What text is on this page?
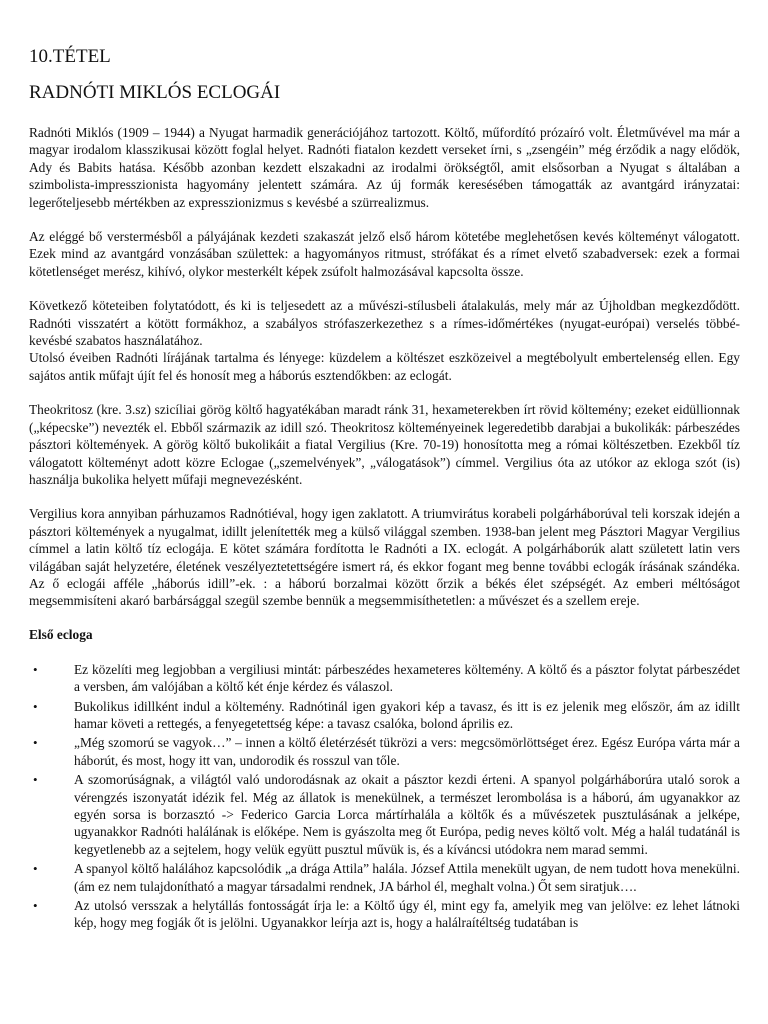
10.TÉTEL
RADNÓTI MIKLÓS ECLOGÁI

Radnóti Miklós (1909 – 1944) a Nyugat harmadik generációjához tartozott. Költő, műfordító prózaíró volt. Életművével ma már a magyar irodalom klasszikusai között foglal helyet. Radnóti fiatalon kezdett verseket írni, s „zsengéin” még érződik a nagy elődök, Ady és Babits hatása. Később azonban kezdett elszakadni az irodalmi örökségtől, amit elsősorban a Nyugat s általában a szimbolista-impresszionista hagyomány jelentett számára. Az új formák keresésében támogatták az avantgárd irányzatai: legerőteljesebb mértékben az expresszionizmus s kevésbé a szürrealizmus.

Az eléggé bő verstermésből a pályájának kezdeti szakaszát jelző első három kötetébe meglehetősen kevés költeményt válogatott. Ezek mind az avantgárd vonzásában születtek: a hagyományos ritmust, strófákat és a rímet elvető szabadversek: ezek a formai kötetlenséget merész, kihívó, olykor mesterkélt képek zsúfolt halmozásával kapcsolta össze.

Következő köteteiben folytatódott, és ki is teljesedett az a művészi-stílusbeli átalakulás, mely már az Újholdban megkezdődött. Radnóti visszatért a kötött formákhoz, a szabályos strófaszerkezethez s a rímes-időmértékes (nyugat-európai) verselés többé-kevésbé szabatos használatához.

Utolsó éveiben Radnóti lírájának tartalma és lényege: küzdelem a költészet eszközeivel a megtébolyult embertelenség ellen. Egy sajátos antik műfajt újít fel és honosít meg a háborús esztendőkben: az eclogát.

Theokritosz (kre. 3.sz) szicíliai görög költő hagyatékában maradt ránk 31, hexameterekben írt rövid költemény; ezeket eidüllionnak („képecske”) nevezték el. Ebből származik az idill szó. Theokritosz költeményeinek legeredetibb darabjai a bukolikák: párbeszédes pásztori költemények. A görög költő bukolikáit a fiatal Vergilius (Kre. 70-19) honosította meg a római költészetben. Ezekből tíz válogatott költeményt adott közre Eclogae („szemelvények”, „válogatások”) címmel. Vergilius óta az utókor az ekloga szót (is) használja bukolika helyett műfaji megnevezésként.

Vergilius kora annyiban párhuzamos Radnótiéval, hogy igen zaklatott. A triumvirátus korabeli polgárháborúval teli korszak idején a pásztori költemények a nyugalmat, idillt jelenítették meg a külső világgal szemben. 1938-ban jelent meg Pásztori Magyar Vergilius címmel a latin költő tíz eclogája. E kötet számára fordította le Radnóti a IX. eclogát. A polgárháborúk alatt született latin vers világában saját helyzetére, életének veszélyeztetettségére ismert rá, és ekkor fogant meg benne további eclogák írásának szándéka. Az ő eclogái afféle „háborús idill”-ek. : a háború borzalmai között őrzik a békés élet szépségét. Az emberi méltóságot megsemmisíteni akaró barbársággal szegül szembe bennük a megsemmisíthetetlen: a művészet és a szellem ereje.

Első ecloga
•	Ez közelíti meg legjobban a vergiliusi mintát: párbeszédes hexameteres költemény. A költő és a pásztor folytat párbeszédet a versben, ám valójában a költő két énje kérdez és válaszol.
•	Bukolikus idillként indul a költemény. Radnótinál igen gyakori kép a tavasz, és itt is ez jelenik meg először, ám az idillt hamar követi a rettegés, a fenyegetettség képe: a tavasz csalóka, bolond április ez.
•	„Még szomorú se vagyok…” – innen a költő életérzését tükrözi a vers: megcsömörlöttséget érez. Egész Európa várta már a háborút, és most, hogy itt van, undorodik és rosszul van tőle.
•	A szomorúságnak, a világtól való undorodásnak az okait a pásztor kezdi érteni. A spanyol polgárháborúra utaló sorok a vérengzés iszonyatát idézik fel. Még az állatok is menekülnek, a természet lerombolása is a háború, ám ugyanakkor az egyén sorsa is borzasztó -> Federico Garcia Lorca mártírhalála a költők és a művészetek pusztulásának a jelképe, ugyanakkor Radnóti halálának is előképe. Nem is gyászolta meg őt Európa, pedig neves költő volt. Még a halál tudatánál is kegyetlenebb az a sejtelem, hogy velük együtt pusztul művük is, és a kíváncsi utódokra nem marad semmi.
•	A spanyol költő halálához kapcsolódik „a drága Attila” halála. József Attila menekült ugyan, de nem tudott hova menekülni. (ám ez nem tulajdonítható a magyar társadalmi rendnek, JA bárhol él, meghalt volna.) Őt sem siratjuk….
•	Az utolsó versszak a helytállás fontosságát írja le: a Költő úgy él, mint egy fa, amelyik meg van jelölve: ez lehet látnoki kép, hogy meg fogják őt is jelölni. Ugyanakkor leírja azt is, hogy a halálraítéltség tudatában is
